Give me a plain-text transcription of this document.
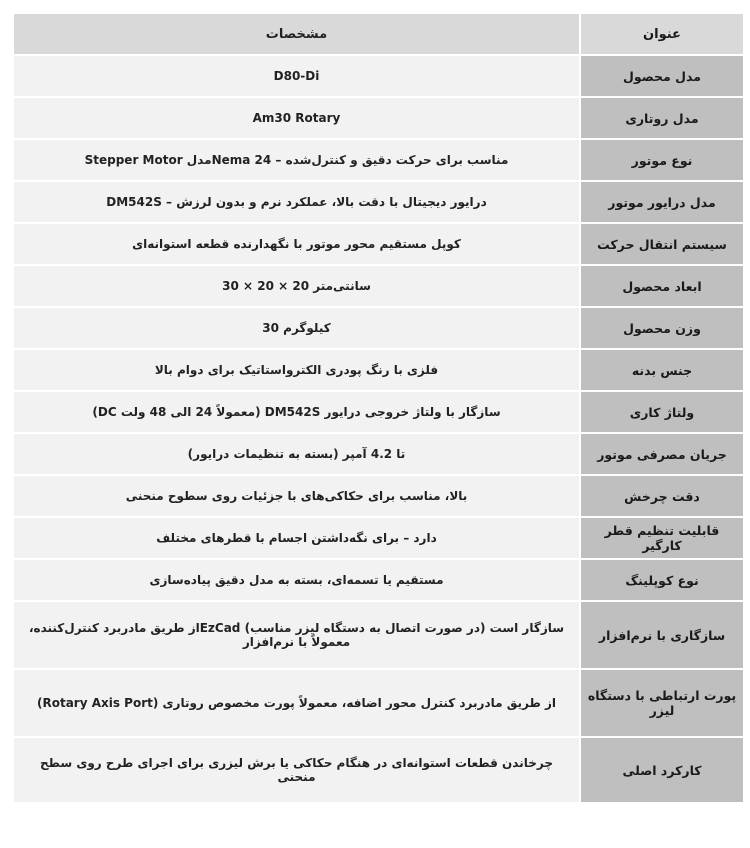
مشخصات	عنوان
D80-Di	مدل محصول
Am30 Rotary	مدل روتاری
مناسب برای حرکت دقیق و کنترل‌شده – Nema 24مدل Stepper Motor	نوع موتور
درایور دیجیتال با دقت بالا، عملکرد نرم و بدون لرزش – DM542S	مدل درایور موتور
کوپل مستقیم محور موتور با نگهدارنده قطعه استوانه‌ای	سیستم انتقال حرکت
سانتی‌متر 20 × 20 × 30	ابعاد محصول
کیلوگرم 30	وزن محصول
فلزی با رنگ پودری الکترواستاتیک برای دوام بالا	جنس بدنه
(DC معمولاً 24 الی 48 ولت) DM542S سازگار با ولتاژ خروجی درایور	ولتاژ کاری
تا 4.2 آمپر (بسته به تنظیمات درایور)	جریان مصرفی موتور
بالا، مناسب برای حکاکی‌های با جزئیات روی سطوح منحنی	دقت چرخش
دارد – برای نگه‌داشتن اجسام با قطرهای مختلف	قابلیت تنظیم قطر کارگیر
مستقیم یا تسمه‌ای، بسته به مدل دقیق پیاده‌سازی	نوع کوپلینگ
سازگار است (در صورت اتصال به دستگاه لیزر مناسب) EzCadاز طریق مادربرد کنترل‌کننده، معمولاً با نرم‌افزار	سازگاری با نرم‌افزار
(Rotary Axis Port) از طریق مادربرد کنترل محور اضافه، معمولاً پورت مخصوص روتاری	پورت ارتباطی با دستگاه لیزر
چرخاندن قطعات استوانه‌ای در هنگام حکاکی یا برش لیزری برای اجرای طرح روی سطح منحنی	کارکرد اصلی
